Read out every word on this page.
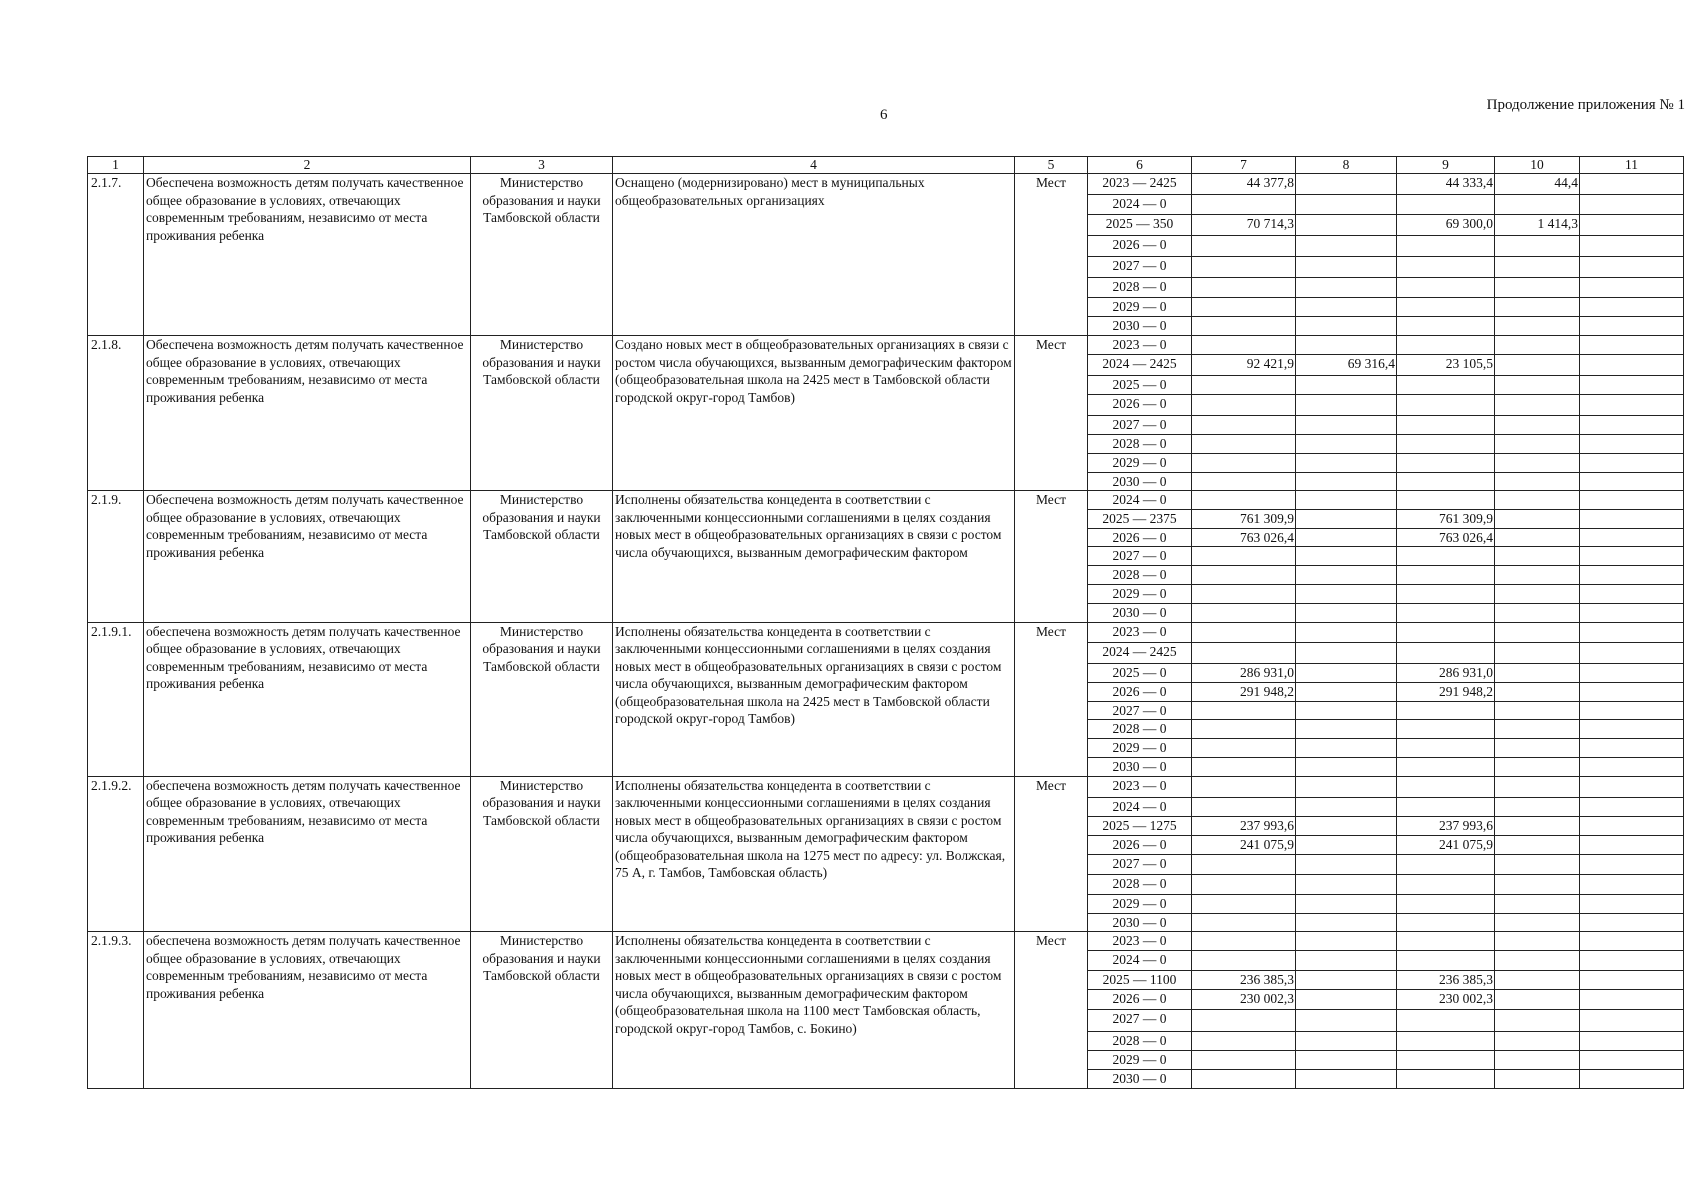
6
Продолжение приложения № 1
1	2	3	4	5	6	7	8	9	10	11
2.1.7.	Обеспечена возможность детям получать качественное общее образование в условиях, отвечающих современным требованиям, независимо от места проживания ребенка	Министерство образования и науки Тамбовской области	Оснащено (модернизировано) мест в муниципальных общеобразовательных организациях	Мест	2023 — 2425	44 377,8		44 333,4	44,4	
					2024 — 0					
					2025 — 350	70 714,3		69 300,0	1 414,3	
					2026 — 0					
					2027 — 0					
					2028 — 0					
					2029 — 0					
					2030 — 0					
2.1.8.	Обеспечена возможность детям получать качественное общее образование в условиях, отвечающих современным требованиям, независимо от места проживания ребенка	Министерство образования и науки Тамбовской области	Создано новых мест в общеобразовательных организациях в связи с ростом числа обучающихся, вызванным демографическим фактором (общеобразовательная школа на 2425 мест в Тамбовской области городской округ-город Тамбов)	Мест	2023 — 0					
					2024 — 2425	92 421,9	69 316,4	23 105,5		
					2025 — 0					
					2026 — 0					
					2027 — 0					
					2028 — 0					
					2029 — 0					
					2030 — 0					
2.1.9.	Обеспечена возможность детям получать качественное общее образование в условиях, отвечающих современным требованиям, независимо от места проживания ребенка	Министерство образования и науки Тамбовской области	Исполнены обязательства концедента в соответствии с заключенными концессионными соглашениями в целях создания новых мест в общеобразовательных организациях в связи с ростом числа обучающихся, вызванным демографическим фактором	Мест	2024 — 0					
					2025 — 2375	761 309,9		761 309,9		
					2026 — 0	763 026,4		763 026,4		
					2027 — 0					
					2028 — 0					
					2029 — 0					
					2030 — 0					
2.1.9.1.	обеспечена возможность детям получать качественное общее образование в условиях, отвечающих современным требованиям, независимо от места проживания ребенка	Министерство образования и науки Тамбовской области	Исполнены обязательства концедента в соответствии с заключенными концессионными соглашениями в целях создания новых мест в общеобразовательных организациях в связи с ростом числа обучающихся, вызванным демографическим фактором (общеобразовательная школа на 2425 мест в Тамбовской области городской округ-город Тамбов)	Мест	2023 — 0					
					2024 — 2425					
					2025 — 0	286 931,0		286 931,0		
					2026 — 0	291 948,2		291 948,2		
					2027 — 0					
					2028 — 0					
					2029 — 0					
					2030 — 0					
2.1.9.2.	обеспечена возможность детям получать качественное общее образование в условиях, отвечающих современным требованиям, независимо от места проживания ребенка	Министерство образования и науки Тамбовской области	Исполнены обязательства концедента в соответствии с заключенными концессионными соглашениями в целях создания новых мест в общеобразовательных организациях в связи с ростом числа обучающихся, вызванным демографическим фактором (общеобразовательная школа на 1275 мест по адресу: ул. Волжская, 75 А, г. Тамбов, Тамбовская область)	Мест	2023 — 0					
					2024 — 0					
					2025 — 1275	237 993,6		237 993,6		
					2026 — 0	241 075,9		241 075,9		
					2027 — 0					
					2028 — 0					
					2029 — 0					
					2030 — 0					
2.1.9.3.	обеспечена возможность детям получать качественное общее образование в условиях, отвечающих современным требованиям, независимо от места проживания ребенка	Министерство образования и науки Тамбовской области	Исполнены обязательства концедента в соответствии с заключенными концессионными соглашениями в целях создания новых мест в общеобразовательных организациях в связи с ростом числа обучающихся, вызванным демографическим фактором (общеобразовательная школа на 1100 мест Тамбовская область, городской округ-город Тамбов, с. Бокино)	Мест	2023 — 0					
					2024 — 0					
					2025 — 1100	236 385,3		236 385,3		
					2026 — 0	230 002,3		230 002,3		
					2027 — 0					
					2028 — 0					
					2029 — 0					
					2030 — 0					
